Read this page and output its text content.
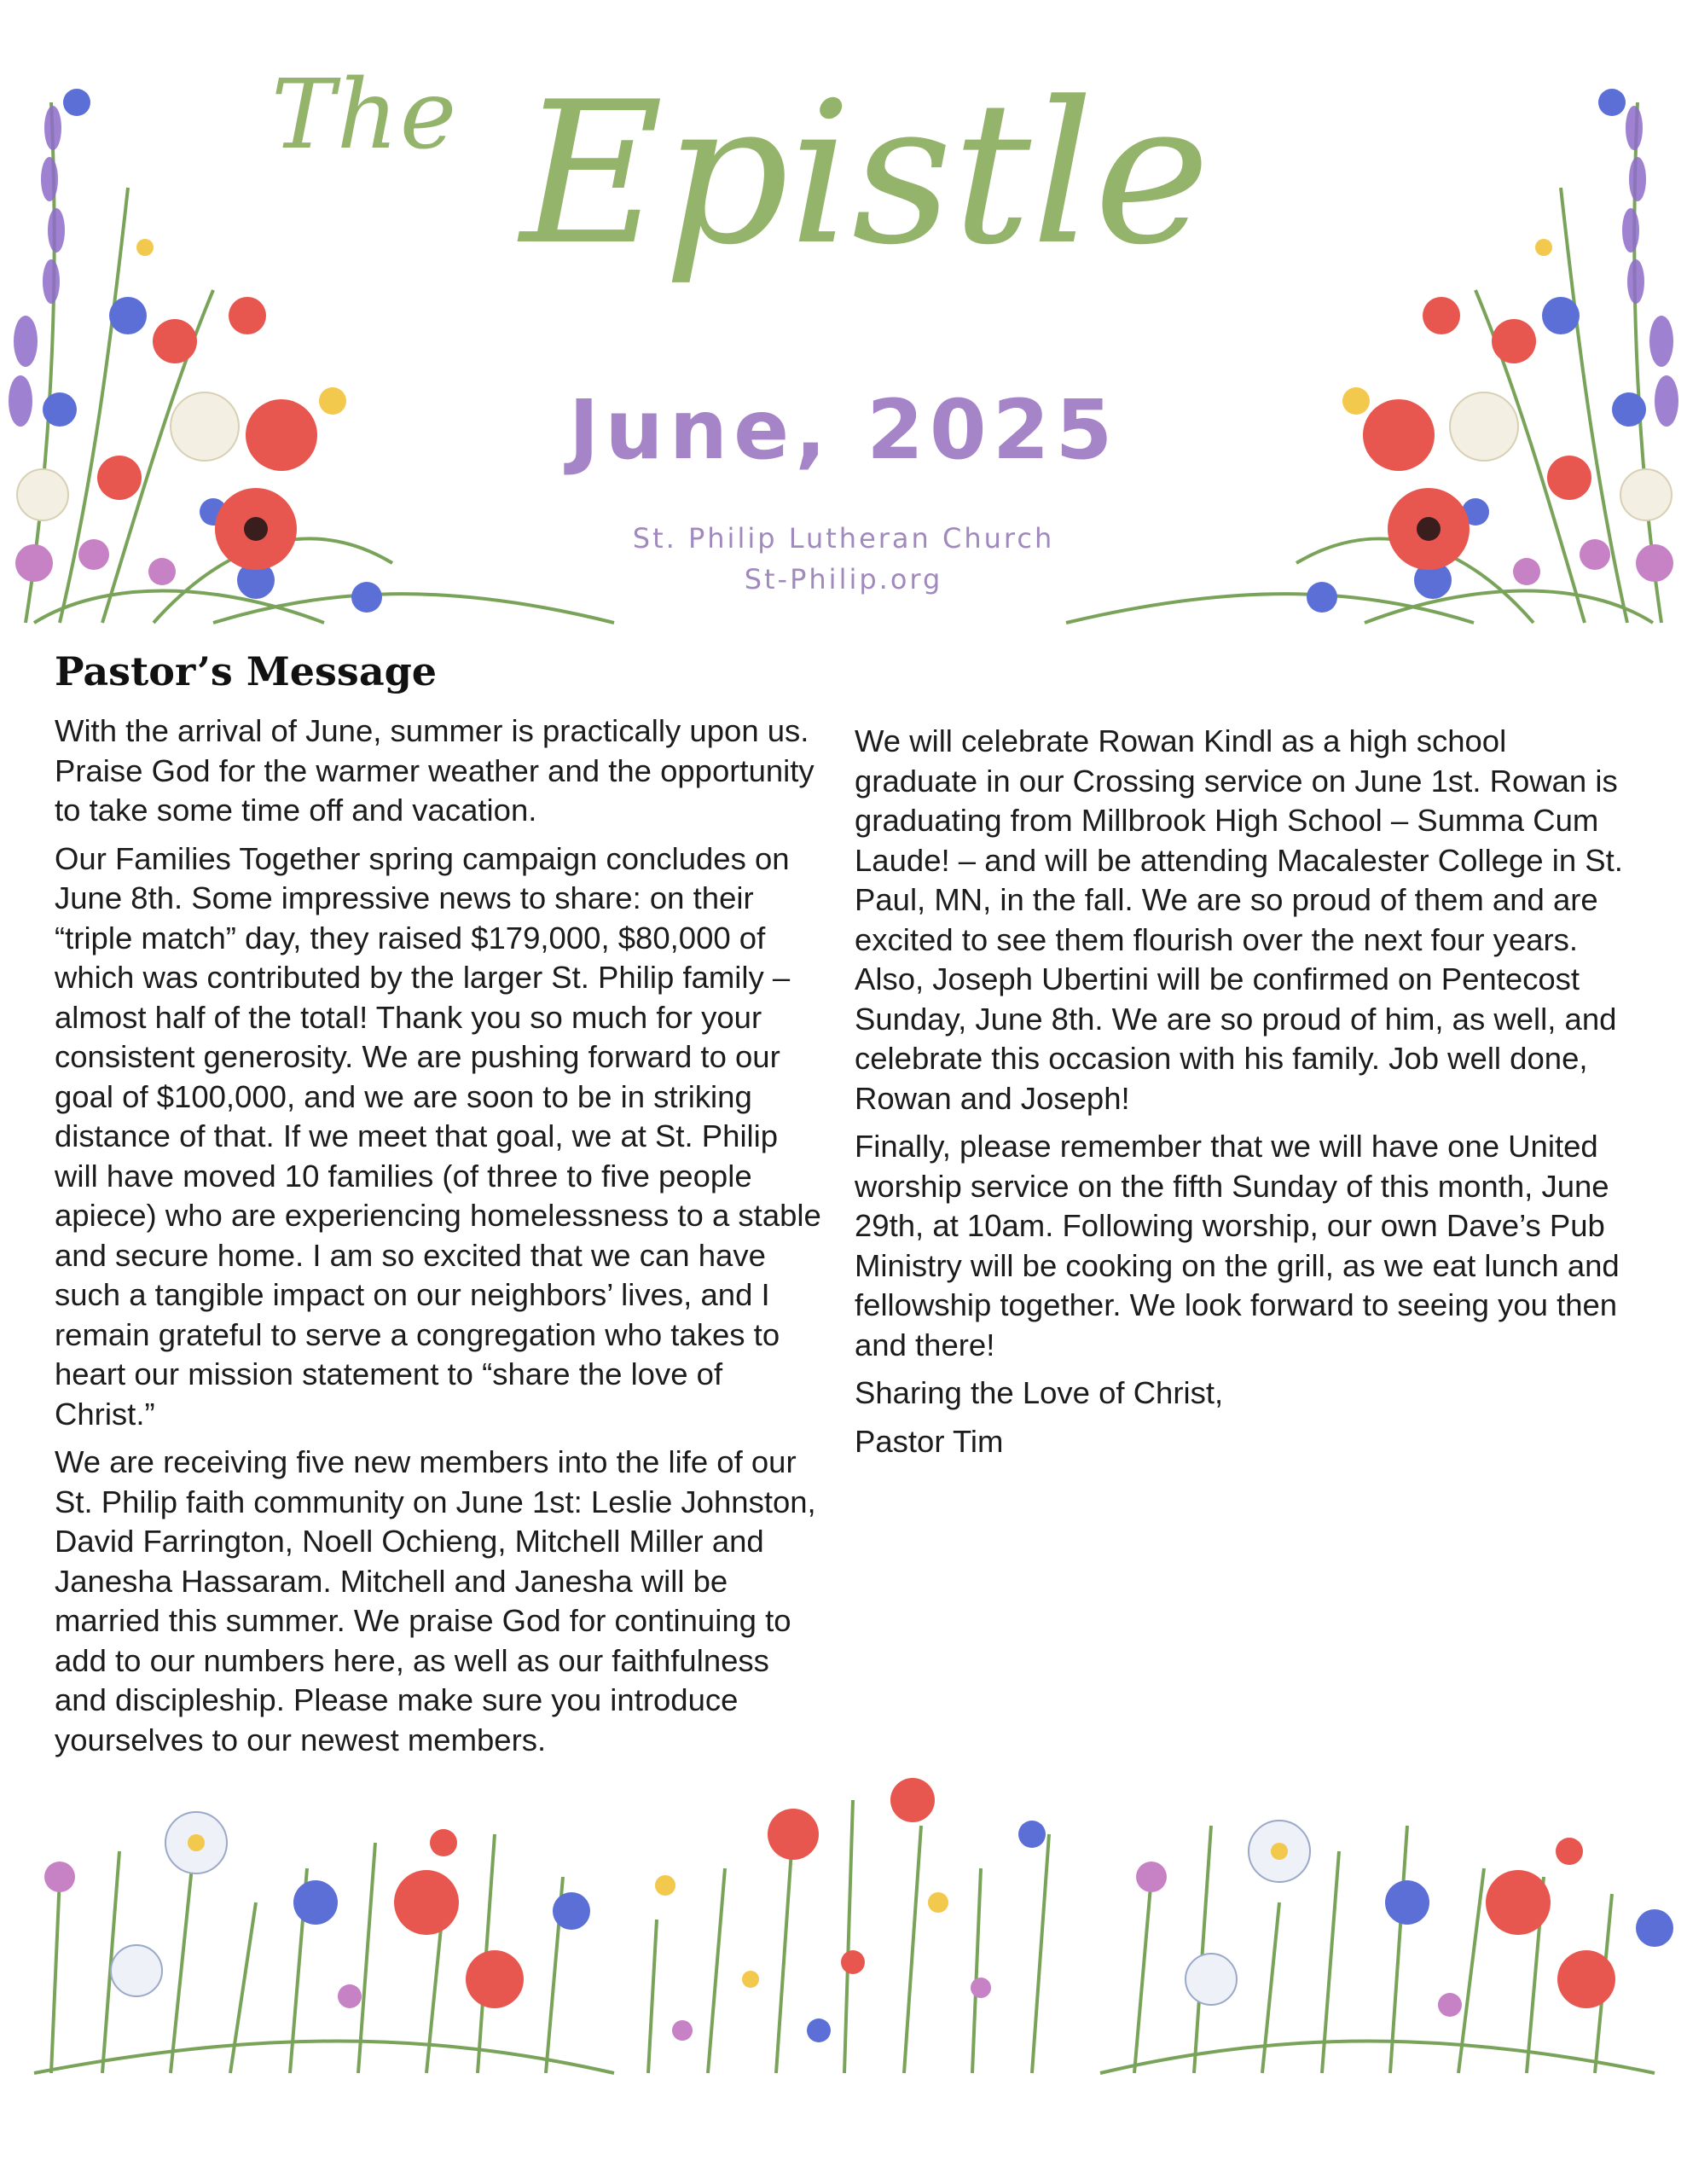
The Epistle
June, 2025
St. Philip Lutheran Church
St-Philip.org
Pastor’s Message

With the arrival of June, summer is practically upon us. Praise God for the warmer weather and the opportunity to take some time off and vacation.

Our Families Together spring campaign concludes on June 8th. Some impressive news to share: on their “triple match” day, they raised $179,000, $80,000 of which was contributed by the larger St. Philip family – almost half of the total! Thank you so much for your consistent generosity. We are pushing forward to our goal of $100,000, and we are soon to be in striking distance of that. If we meet that goal, we at St. Philip will have moved 10 families (of three to five people apiece) who are experiencing homelessness to a stable and secure home. I am so excited that we can have such a tangible impact on our neighbors’ lives, and I remain grateful to serve a congregation who takes to heart our mission statement to “share the love of Christ.”

We are receiving five new members into the life of our St. Philip faith community on June 1st: Leslie Johnston, David Farrington, Noell Ochieng, Mitchell Miller and Janesha Hassaram. Mitchell and Janesha will be married this summer. We praise God for continuing to add to our numbers here, as well as our faithfulness and discipleship. Please make sure you introduce yourselves to our newest members.

We will celebrate Rowan Kindl as a high school graduate in our Crossing service on June 1st. Rowan is graduating from Millbrook High School – Summa Cum Laude! – and will be attending Macalester College in St. Paul, MN, in the fall. We are so proud of them and are excited to see them flourish over the next four years. Also, Joseph Ubertini will be confirmed on Pentecost Sunday, June 8th. We are so proud of him, as well, and celebrate this occasion with his family. Job well done, Rowan and Joseph!

Finally, please remember that we will have one United worship service on the fifth Sunday of this month, June 29th, at 10am. Following worship, our own Dave’s Pub Ministry will be cooking on the grill, as we eat lunch and fellowship together. We look forward to seeing you then and there!

Sharing the Love of Christ,

Pastor Tim
